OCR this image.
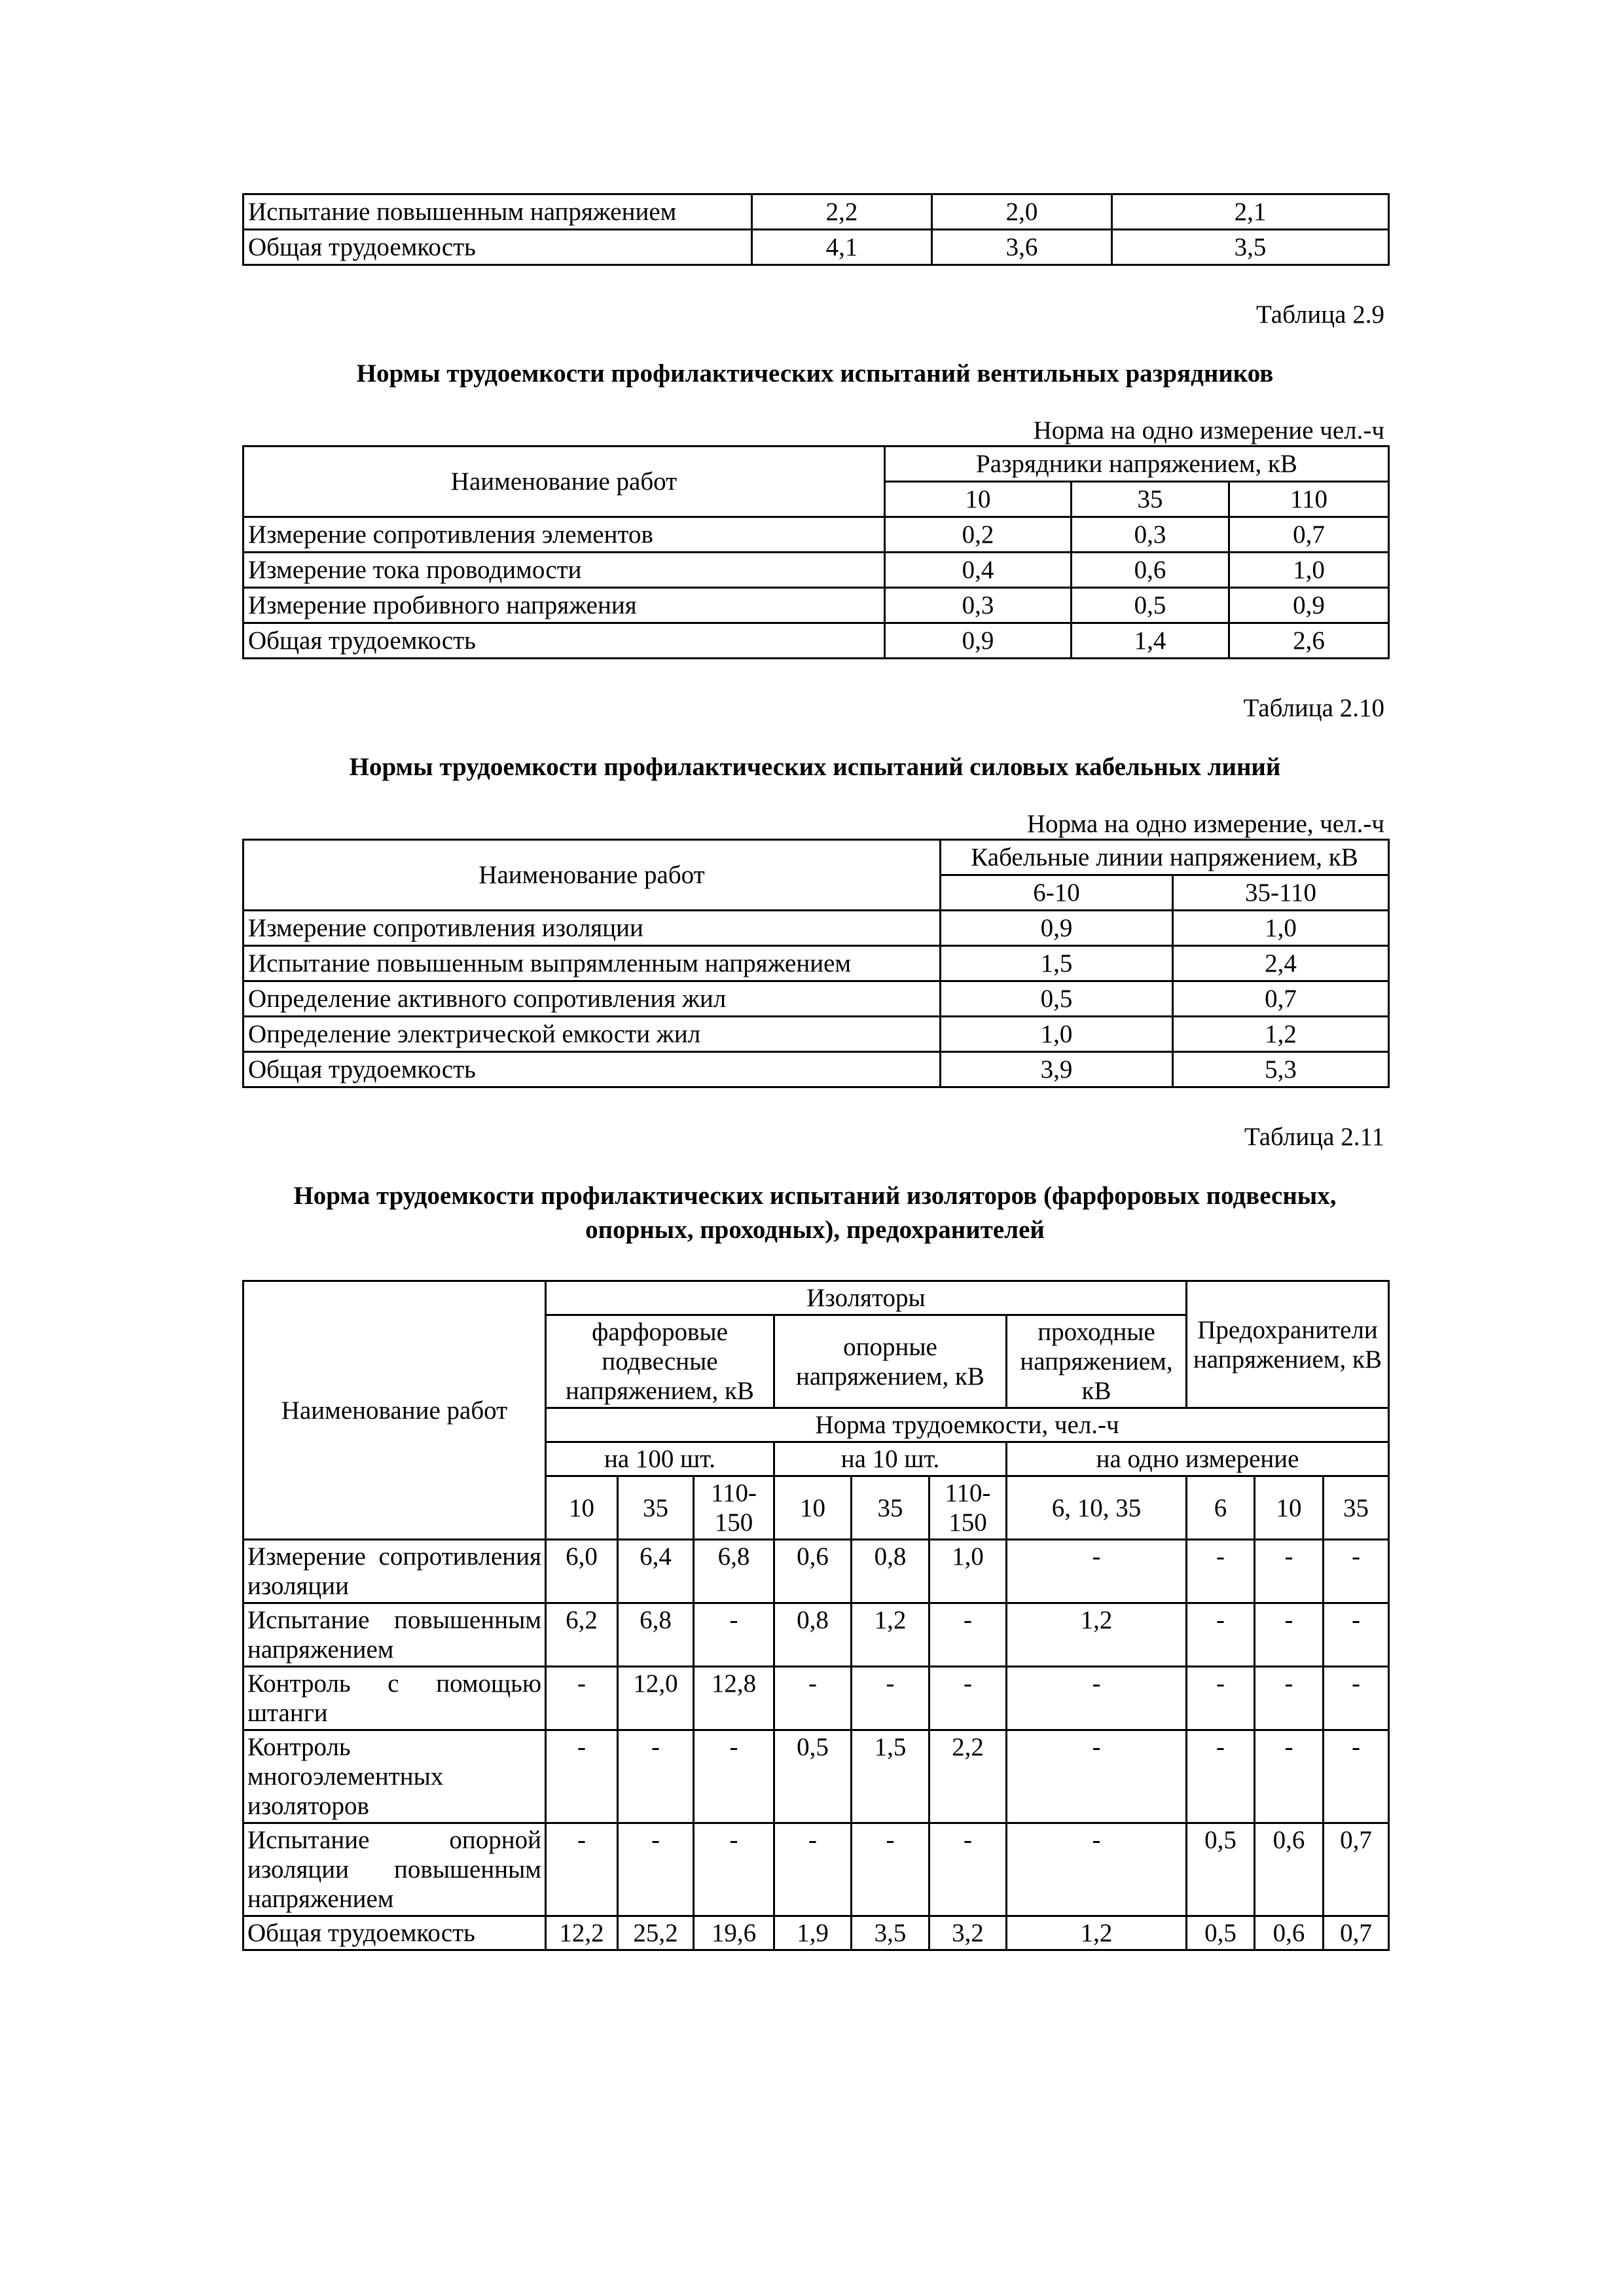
Испытание повышенным напряжением	2,2	2,0	2,1
Общая трудоемкость	4,1	3,6	3,5
Таблица 2.9
Нормы трудоемкости профилактических испытаний вентильных разрядников
Норма на одно измерение чел.-ч
Наименование работ	Разрядники напряжением, кВ		
	10	35	110
Измерение сопротивления элементов	0,2	0,3	0,7
Измерение тока проводимости	0,4	0,6	1,0
Измерение пробивного напряжения	0,3	0,5	0,9
Общая трудоемкость	0,9	1,4	2,6
Таблица 2.10
Нормы трудоемкости профилактических испытаний силовых кабельных линий
Норма на одно измерение, чел.-ч
Наименование работ	Кабельные линии напряжением, кВ	
	6-10	35-110
Измерение сопротивления изоляции	0,9	1,0
Испытание повышенным выпрямленным напряжением	1,5	2,4
Определение активного сопротивления жил	0,5	0,7
Определение электрической емкости жил	1,0	1,2
Общая трудоемкость	3,9	5,3
Таблица 2.11
Норма трудоемкости профилактических испытаний изоляторов (фарфоровых подвесных,
опорных, проходных), предохранителей
Наименование работ	Изоляторы							Предохранители напряжением, кВ		
	фарфоровые подвесные напряжением, кВ			опорные напряжением, кВ			проходные напряжением, кВ			
	Норма трудоемкости, чел.-ч									
	на 100 шт.			на 10 шт.			на одно измерение			
	10	35	110-150	10	35	110-150	6, 10, 35	6	10	35
Измерение сопротивления изоляции	6,0	6,4	6,8	0,6	0,8	1,0	-	-	-	-
Испытание повышенным напряжением	6,2	6,8	-	0,8	1,2	-	1,2	-	-	-
Контроль с помощью штанги	-	12,0	12,8	-	-	-	-	-	-	-
Контроль многоэлементных изоляторов	-	-	-	0,5	1,5	2,2	-	-	-	-
Испытание опорной изоляции повышенным напряжением	-	-	-	-	-	-	-	0,5	0,6	0,7
Общая трудоемкость	12,2	25,2	19,6	1,9	3,5	3,2	1,2	0,5	0,6	0,7
